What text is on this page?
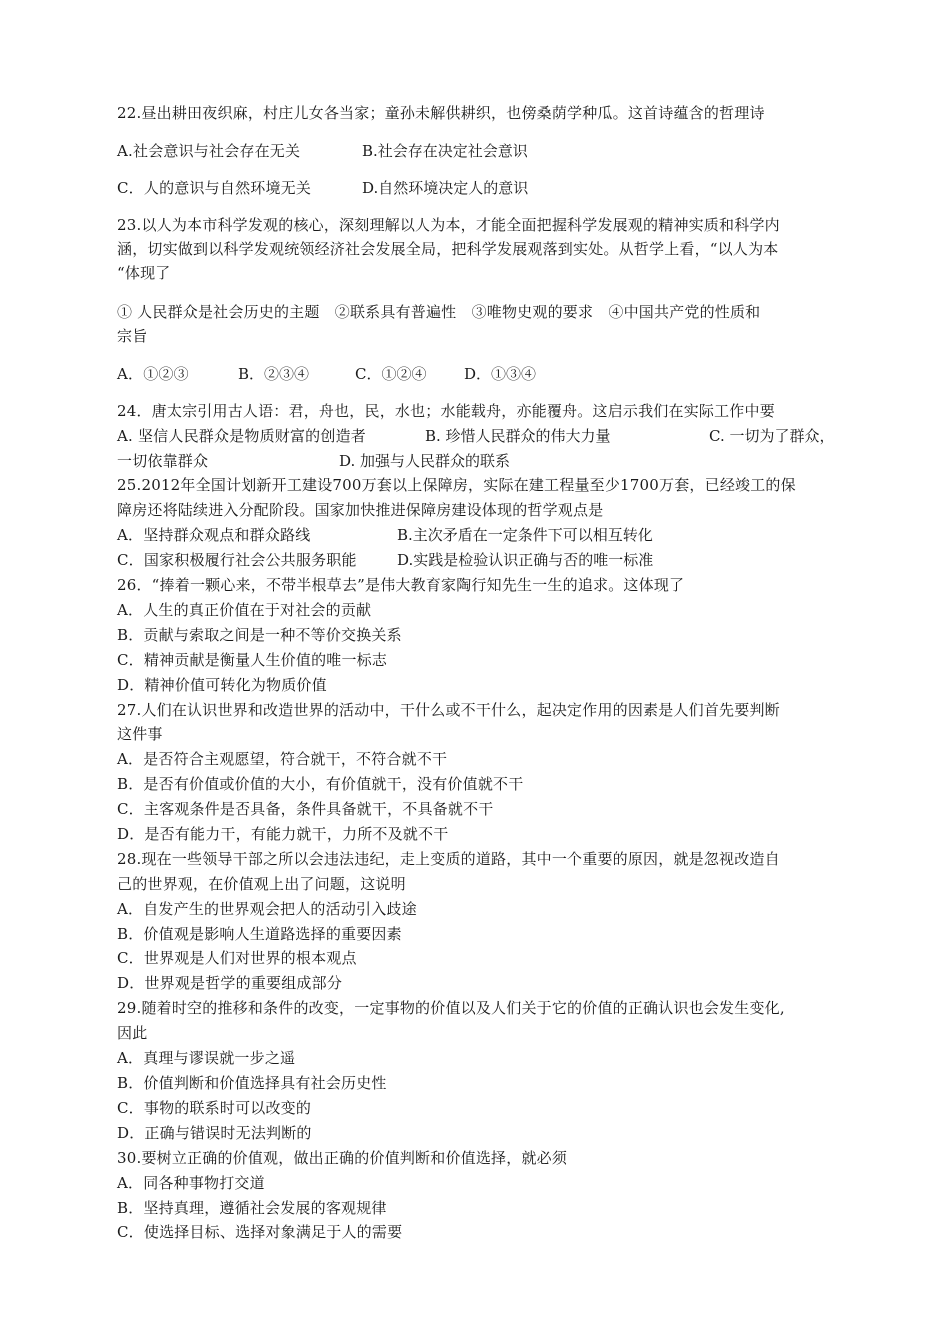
22.昼出耕田夜织麻，村庄儿女各当家；童孙未解供耕织，也傍桑荫学种瓜。这首诗蕴含的哲理诗
A.社会意识与社会存在无关	B.社会存在决定社会意识
C．人的意识与自然环境无关	D.自然环境决定人的意识
23.以人为本市科学发观的核心，深刻理解以人为本，才能全面把握科学发展观的精神实质和科学内
涵，切实做到以科学发观统领经济社会发展全局，把科学发展观落到实处。从哲学上看，“以人为本
“体现了
① 人民群众是社会历史的主题　②联系具有普遍性　③唯物史观的要求　④中国共产党的性质和
宗旨
A．①②③	B．②③④	C．①②④	D．①③④
24．唐太宗引用古人语：君，舟也，民，水也；水能载舟，亦能覆舟。这启示我们在实际工作中要
A. 坚信人民群众是物质财富的创造者	B. 珍惜人民群众的伟大力量	C. 一切为了群众，
一切依靠群众	D. 加强与人民群众的联系
25.2012年全国计划新开工建设700万套以上保障房，实际在建工程量至少1700万套，已经竣工的保
障房还将陆续进入分配阶段。国家加快推进保障房建设体现的哲学观点是
A．坚持群众观点和群众路线	B.主次矛盾在一定条件下可以相互转化
C．国家积极履行社会公共服务职能	D.实践是检验认识正确与否的唯一标准
26．“捧着一颗心来，不带半根草去”是伟大教育家陶行知先生一生的追求。这体现了
A．人生的真正价值在于对社会的贡献
B．贡献与索取之间是一种不等价交换关系
C．精神贡献是衡量人生价值的唯一标志
D．精神价值可转化为物质价值
27.人们在认识世界和改造世界的活动中，干什么或不干什么，起决定作用的因素是人们首先要判断
这件事
A．是否符合主观愿望，符合就干，不符合就不干
B．是否有价值或价值的大小，有价值就干，没有价值就不干
C．主客观条件是否具备，条件具备就干，不具备就不干
D．是否有能力干，有能力就干，力所不及就不干
28.现在一些领导干部之所以会违法违纪，走上变质的道路，其中一个重要的原因，就是忽视改造自
己的世界观，在价值观上出了问题，这说明
A．自发产生的世界观会把人的活动引入歧途
B．价值观是影响人生道路选择的重要因素
C．世界观是人们对世界的根本观点
D．世界观是哲学的重要组成部分
29.随着时空的推移和条件的改变，一定事物的价值以及人们关于它的价值的正确认识也会发生变化,
因此
A．真理与谬误就一步之遥
B．价值判断和价值选择具有社会历史性
C．事物的联系时可以改变的
D．正确与错误时无法判断的
30.要树立正确的价值观，做出正确的价值判断和价值选择，就必须
A．同各种事物打交道
B．坚持真理，遵循社会发展的客观规律
C．使选择目标、选择对象满足于人的需要
